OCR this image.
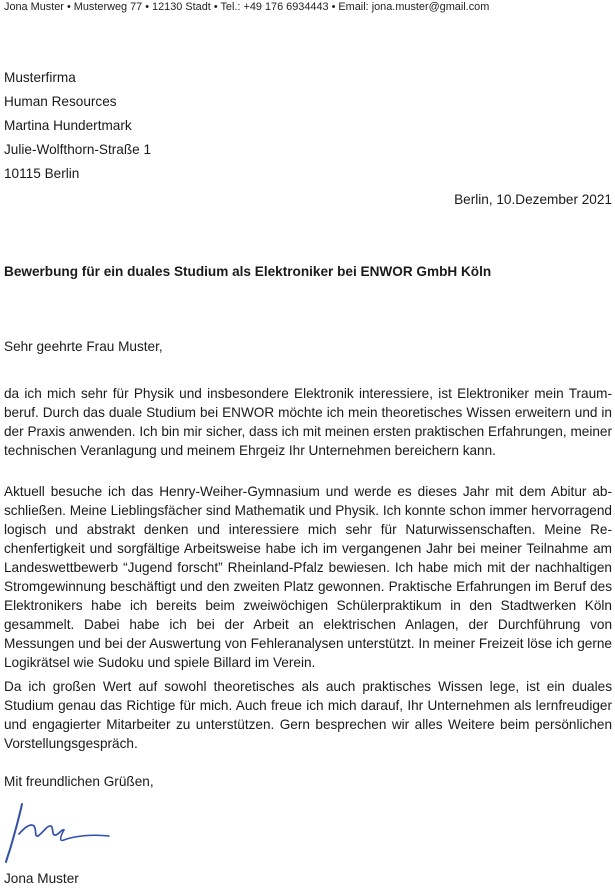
Jona Muster • Musterweg 77 • 12130 Stadt • Tel.: +49 176 6934443 • Email: jona.muster@gmail.com
Musterfirma
Human Resources
Martina Hundertmark
Julie-Wolfthorn-Straße 1
10115 Berlin
Berlin, 10.Dezember 2021
Bewerbung für ein duales Studium als Elektroniker bei ENWOR GmbH Köln
Sehr geehrte Frau Muster,
da ich mich sehr für Physik und insbesondere Elektronik interessiere, ist Elektroniker mein Traumberuf. Durch das duale Studium bei ENWOR möchte ich mein theoretisches Wissen erweitern und in der Praxis anwenden. Ich bin mir sicher, dass ich mit meinen ersten praktischen Erfahrungen, meiner technischen Veranlagung und meinem Ehrgeiz Ihr Unternehmen bereichern kann.
Aktuell besuche ich das Henry-Weiher-Gymnasium und werde es dieses Jahr mit dem Abitur abschließen. Meine Lieblingsfächer sind Mathematik und Physik. Ich konnte schon immer hervorragend logisch und abstrakt denken und interessiere mich sehr für Naturwissenschaften. Meine Rechenfertigkeit und sorgfältige Arbeitsweise habe ich im vergangenen Jahr bei meiner Teilnahme am Landeswettbewerb “Jugend forscht” Rheinland-Pfalz bewiesen. Ich habe mich mit der nachhaltigen Stromgewinnung beschäftigt und den zweiten Platz gewonnen. Praktische Erfahrungen im Beruf des Elektronikers habe ich bereits beim zweiwöchigen Schülerpraktikum in den Stadtwerken Köln gesammelt. Dabei habe ich bei der Arbeit an elektrischen Anlagen, der Durchführung von Messungen und bei der Auswertung von Fehleranalysen unterstützt. In meiner Freizeit löse ich gerne Logikrätsel wie Sudoku und spiele Billard im Verein.
Da ich großen Wert auf sowohl theoretisches als auch praktisches Wissen lege, ist ein duales Studium genau das Richtige für mich. Auch freue ich mich darauf, Ihr Unternehmen als lernfreudiger und engagierter Mitarbeiter zu unterstützen. Gern besprechen wir alles Weitere beim persönlichen Vorstellungsgespräch.
Mit freundlichen Grüßen,
Jona Muster
